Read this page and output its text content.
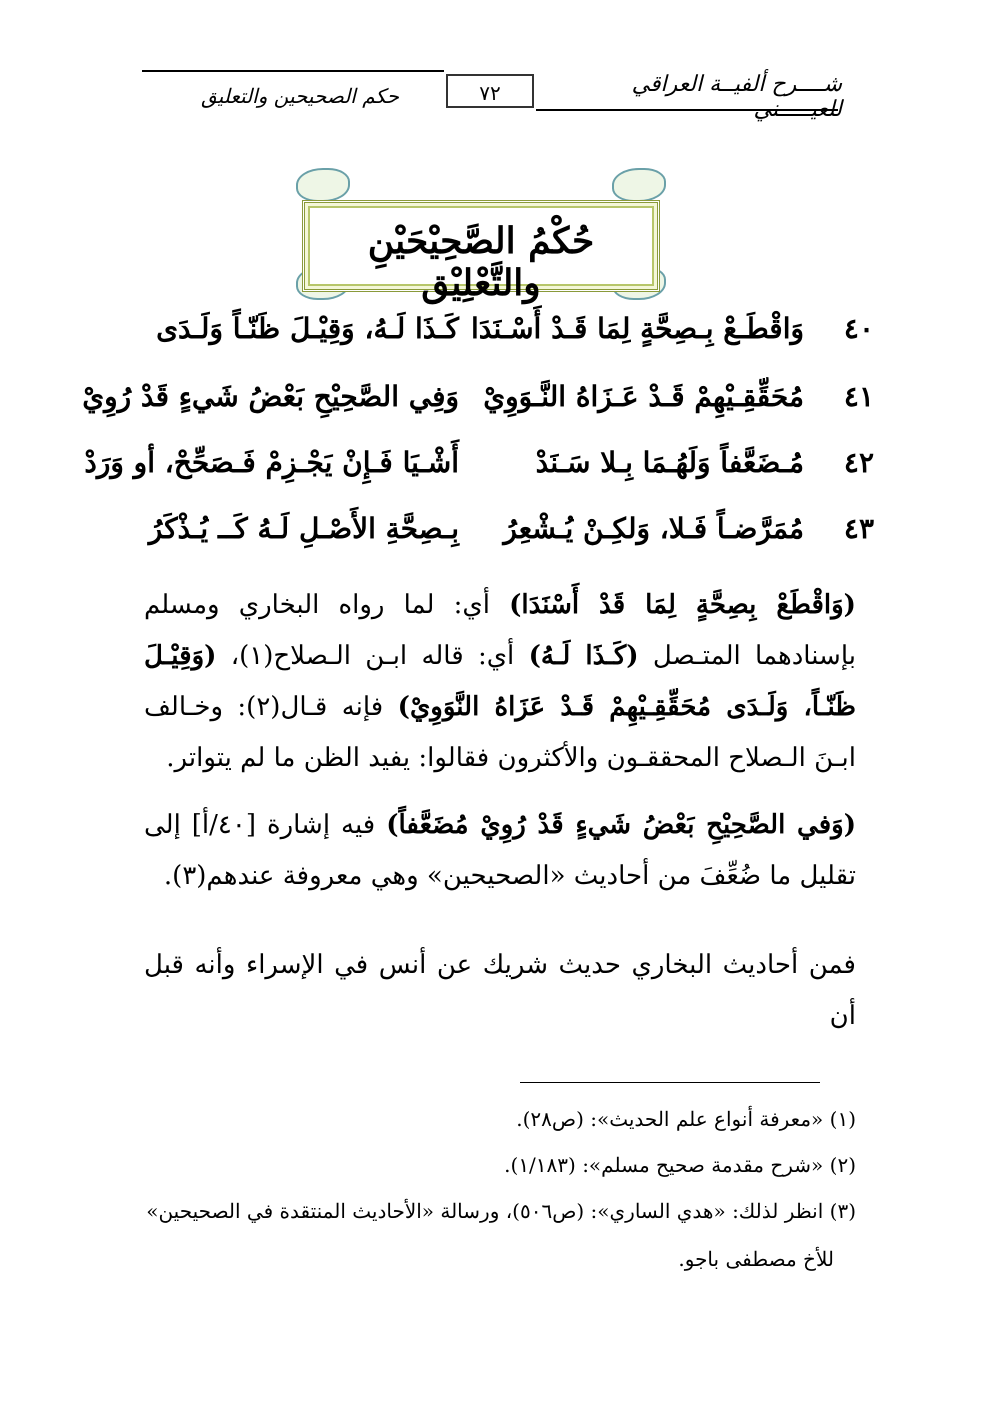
شــــرح ألفيــة العراقي للعيـــــني
٧٢
حكم الصحيحين والتعليق
حُكْمُ الصَّحِيْحَيْنِ والتَّعْلِيْق
٤٠
وَاقْطَـعْ بِـصِحَّةٍ لِمَا قَـدْ أَسْـنَدَا
كَـذَا لَـهُ، وَقِيْـلَ ظَنّـاً وَلَـدَى
٤١
مُحَقِّقِـيْهِمْ قَـدْ عَـزَاهُ النَّـوَوِيْ
وَفِي الصَّحِيْحِ بَعْضُ شَيءٍ قَدْ رُوِيْ
٤٢
مُـضَعَّفاً وَلَهُـمَا بِـلا سَـنَدْ
أَشْـيَا فَـإِنْ يَجْـزِمْ فَـصَحِّحْ، أو وَرَدْ
٤٣
مُمَرَّضـاً فَـلا، وَلكِـنْ يُـشْعِرُ
بِـصِحَّةِ الأَصْـلِ لَـهُ كَــ يُـذْكَرُ
(وَاقْطَعْ بِصِحَّةٍ لِمَا قَدْ أَسْنَدَا) أي: لما رواه البخاري ومسلم بإسنادهما المتـصل (كَـذَا لَـهُ) أي: قاله ابـن الـصلاح(١)، (وَقِيْـلَ ظَنّـاً، وَلَـدَى مُحَقِّقِـيْهِمْ قَـدْ عَزَاهُ النَّوَوِيْ) فإنه قـال(٢): وخـالف ابـنَ الـصلاح المحققـون والأكثرون فقالوا: يفيد الظن ما لم يتواتر.
(وَفي الصَّحِيْحِ بَعْضُ شَيءٍ قَدْ رُوِيْ مُضَعَّفاً) فيه إشارة [٤٠/أ] إلى تقليل ما ضُعِّفَ من أحاديث «الصحيحين» وهي معروفة عندهم(٣).
فمن أحاديث البخاري حديث شريك عن أنس في الإسراء وأنه قبل أن
(١) «معرفة أنواع علم الحديث»: (ص٢٨).
(٢) «شرح مقدمة صحيح مسلم»: (١/١٨٣).
(٣) انظر لذلك: «هدي الساري»: (ص٥٠٦)، ورسالة «الأحاديث المنتقدة في الصحيحين»
للأخ مصطفى باجو.
